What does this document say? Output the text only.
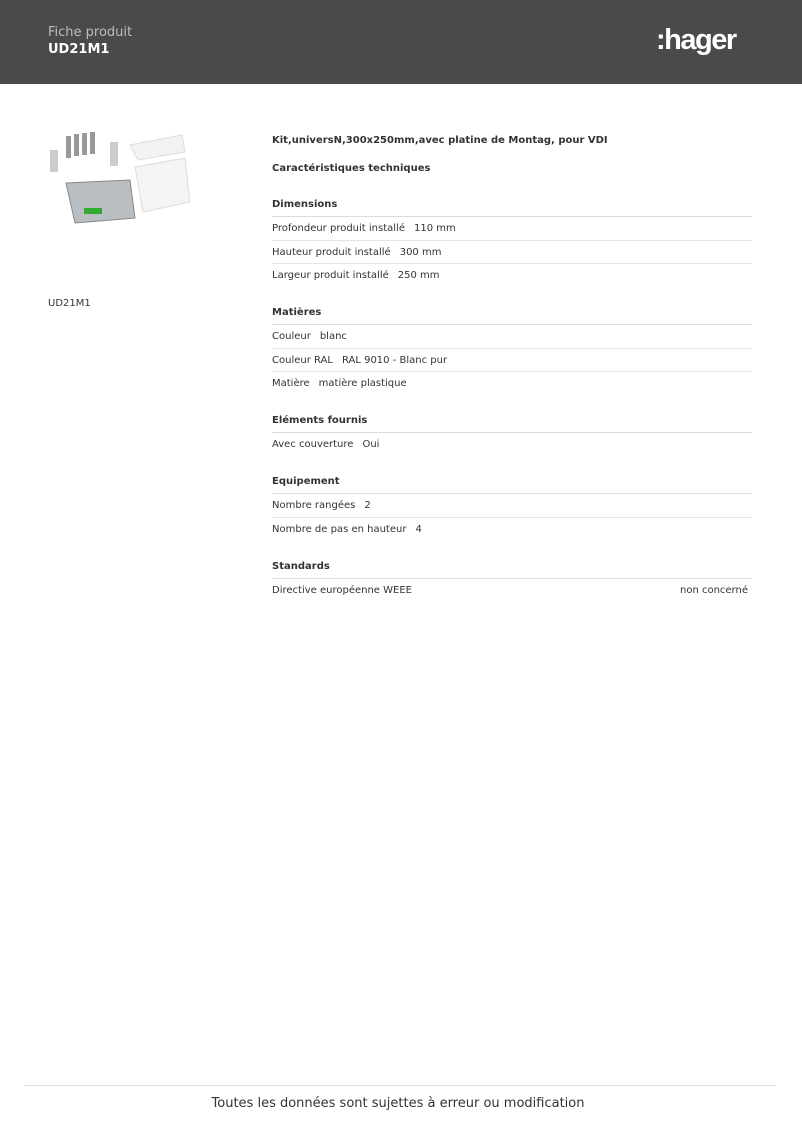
Fiche produit
UD21M1	:hager
UD21M1
Kit,universN,300x250mm,avec platine de Montag, pour VDI
Caractéristiques techniques
Dimensions
Profondeur produit installé 110 mm
Hauteur produit installé 300 mm
Largeur produit installé 250 mm
Matières
Couleur blanc
Couleur RAL RAL 9010 - Blanc pur
Matière matière plastique
Eléments fournis
Avec couverture Oui
Equipement
Nombre rangées 2
Nombre de pas en hauteur 4
Standards
Directive européenne WEEE	non concerné
Toutes les données sont sujettes à erreur ou modification
